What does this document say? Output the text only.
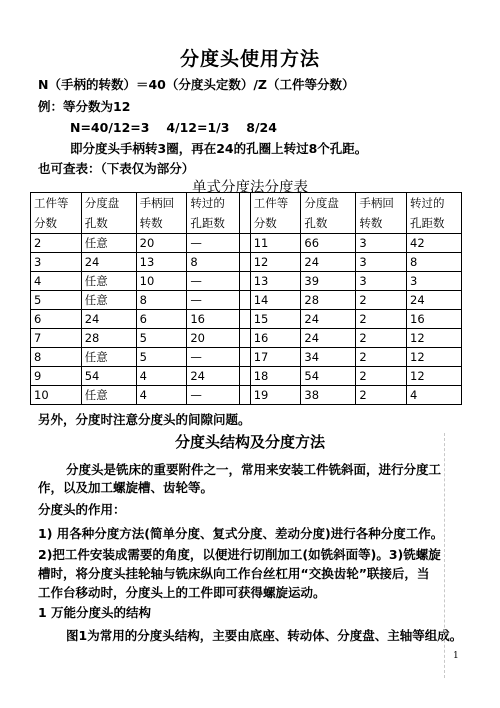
分度头使用方法
N（手柄的转数）＝40（分度头定数）/Z（工件等分数）
例：等分数为12
N=40/12=3　 4/12=1/3　 8/24
即分度头手柄转3圈，再在24的孔圈上转过8个孔距。
也可查表：（下表仅为部分）
单式分度法分度表
工件等	分度盘	手柄回	转过的		工件等	分度盘	手柄回	转过的
分数	孔数	转数	孔距数		分数	孔数	转数	孔距数
2	任意	20	—		11	66	3	42
3	24	13	8		12	24	3	8
4	任意	10	—		13	39	3	3
5	任意	8	—		14	28	2	24
6	24	6	16		15	24	2	16
7	28	5	20		16	24	2	12
8	任意	5	—		17	34	2	12
9	54	4	24		18	54	2	12
10	任意	4	—		19	38	2	4
另外，分度时注意分度头的间隙问题。
分度头结构及分度方法
分度头是铣床的重要附件之一，常用来安装工件铣斜面，进行分度工
作，以及加工螺旋槽、齿轮等。
分度头的作用：
1) 用各种分度方法(简单分度、复式分度、差动分度)进行各种分度工作。
2)把工件安装成需要的角度，以便进行切削加工(如铣斜面等)。3)铣螺旋
槽时，将分度头挂轮轴与铣床纵向工作台丝杠用“交换齿轮”联接后，当
工作台移动时，分度头上的工件即可获得螺旋运动。
1 万能分度头的结构
图1为常用的分度头结构，主要由底座、转动体、分度盘、主轴等组成。
1
